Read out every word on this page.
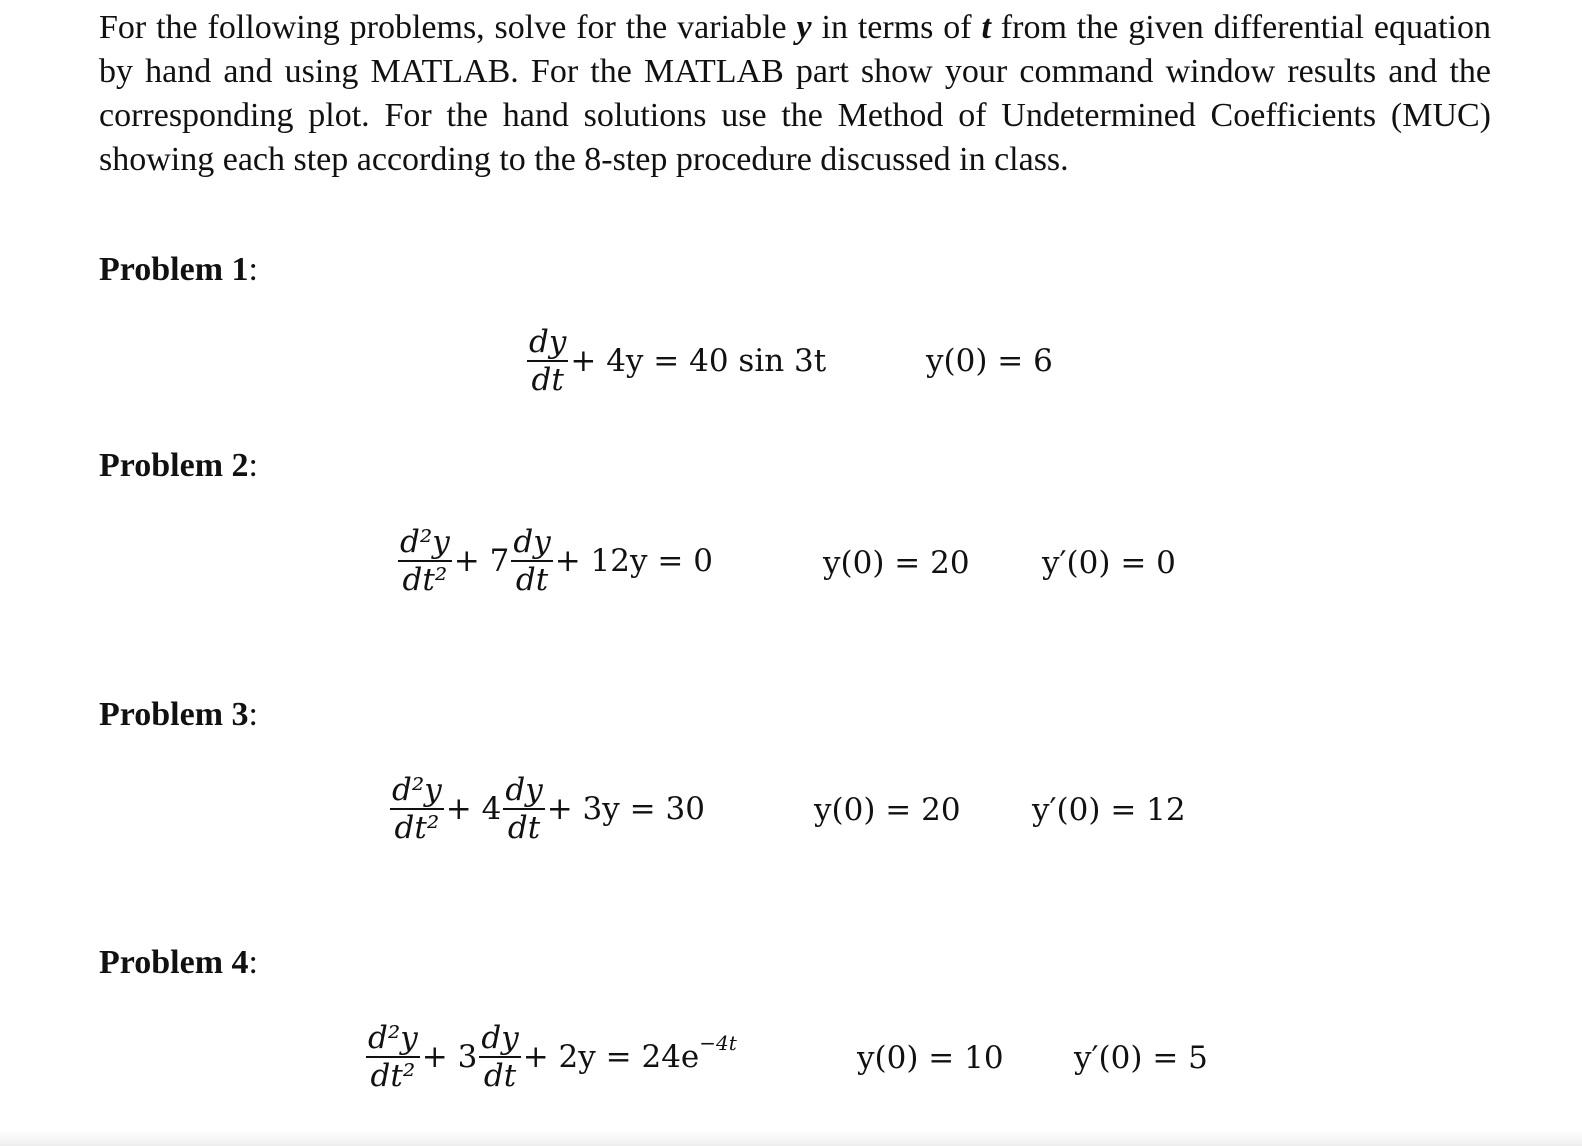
For the following problems, solve for the variable y in terms of t from the given differential equation by hand and using MATLAB. For the MATLAB part show your command window results and the corresponding plot. For the hand solutions use the Method of Undetermined Coefficients (MUC) showing each step according to the 8-step procedure discussed in class.
Problem 1:
$\frac{dy}{dt} + 4y = 40$ sin 3t	y(0) = 6
Problem 2:
$\frac{\text{d²y}}{\text{dt²}} + 7 \frac{dy}{dt} + 12y = 0$	y(0) = 20 y′(0) = 0
Problem 3:
$\frac{\text{d²y}}{\text{dt²}} + 4 \frac{dy}{dt} + 3y = 30$	y(0) = 20 y′(0) = 12
Problem 4:
$\frac{\text{d²y}}{\text{dt²}} + 3 \frac{dy}{dt} + 2y = 24e -4t$	y(0) = 10 y′(0) = 5
